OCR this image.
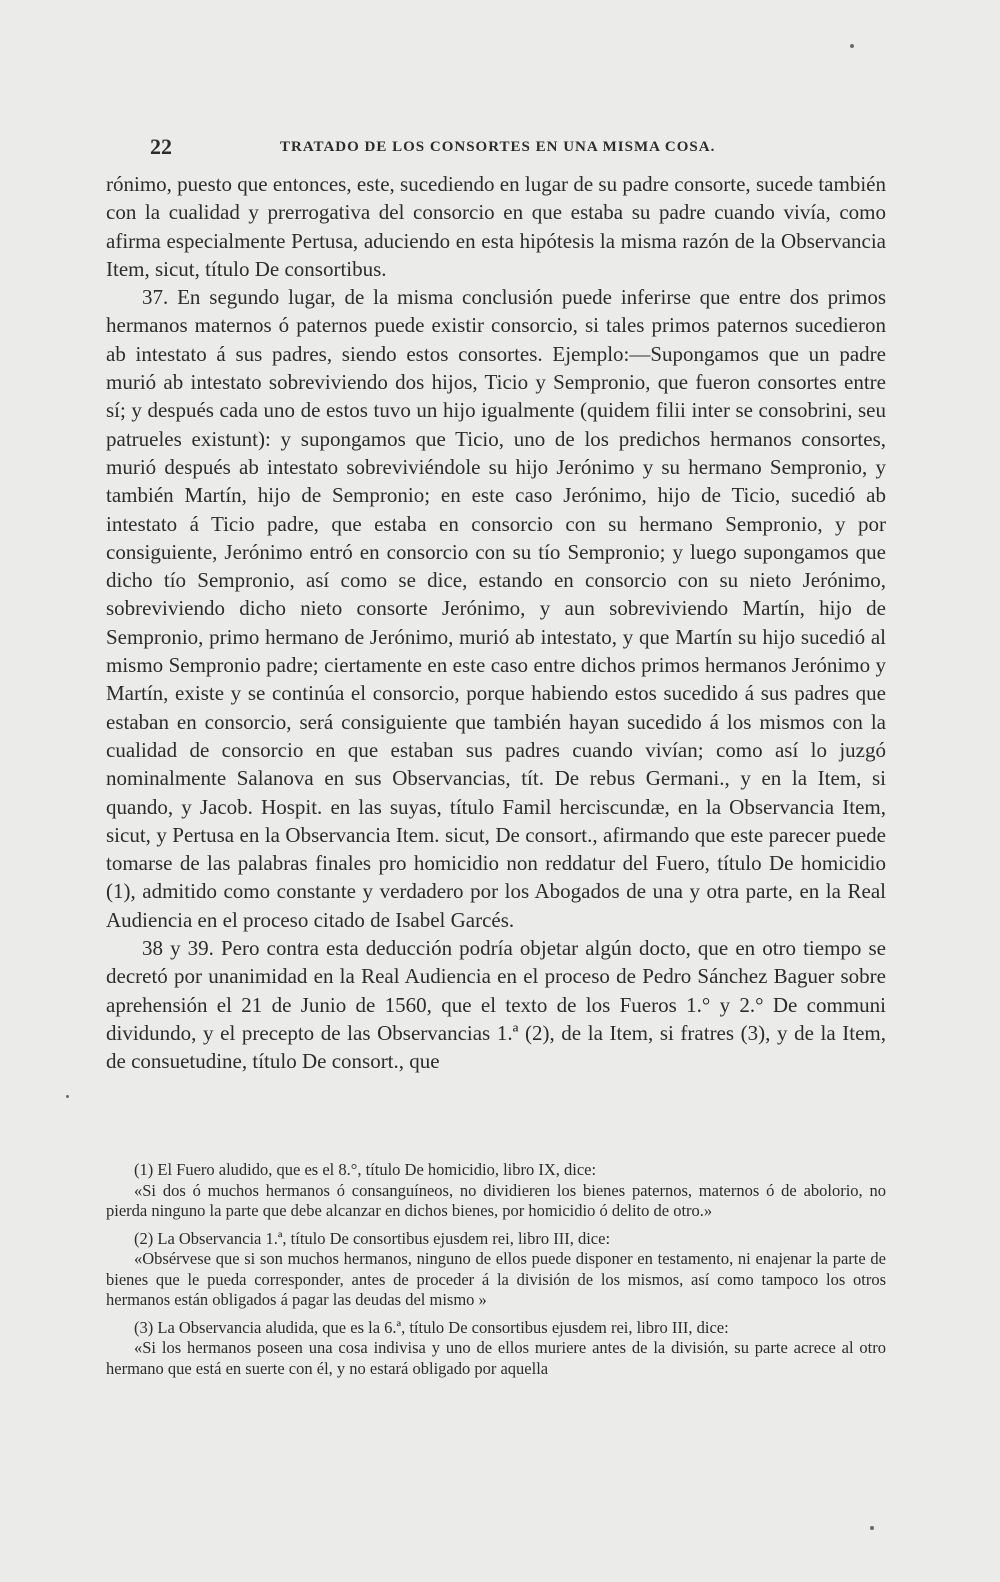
22	TRATADO DE LOS CONSORTES EN UNA MISMA COSA.

rónimo, puesto que entonces, este, sucediendo en lugar de su padre consorte, sucede también con la cualidad y prerrogativa del consorcio en que estaba su padre cuando vivía, como afirma especialmente Pertusa, aduciendo en esta hipótesis la misma razón de la Observancia Item, sicut, título De consortibus.

37. En segundo lugar, de la misma conclusión puede inferirse que entre dos primos hermanos maternos ó paternos puede existir consorcio, si tales primos paternos sucedieron ab intestato á sus padres, siendo estos consortes. Ejemplo:—Supongamos que un padre murió ab intestato sobreviviendo dos hijos, Ticio y Sempronio, que fueron consortes entre sí; y después cada uno de estos tuvo un hijo igualmente (quidem filii inter se consobrini, seu patrueles existunt): y supongamos que Ticio, uno de los predichos hermanos consortes, murió después ab intestato sobreviviéndole su hijo Jerónimo y su hermano Sempronio, y también Martín, hijo de Sempronio; en este caso Jerónimo, hijo de Ticio, sucedió ab intestato á Ticio padre, que estaba en consorcio con su hermano Sempronio, y por consiguiente, Jerónimo entró en consorcio con su tío Sempronio; y luego supongamos que dicho tío Sempronio, así como se dice, estando en consorcio con su nieto Jerónimo, sobreviviendo dicho nieto consorte Jerónimo, y aun sobreviviendo Martín, hijo de Sempronio, primo hermano de Jerónimo, murió ab intestato, y que Martín su hijo sucedió al mismo Sempronio padre; ciertamente en este caso entre dichos primos hermanos Jerónimo y Martín, existe y se continúa el consorcio, porque habiendo estos sucedido á sus padres que estaban en consorcio, será consiguiente que también hayan sucedido á los mismos con la cualidad de consorcio en que estaban sus padres cuando vivían; como así lo juzgó nominalmente Salanova en sus Observancias, tít. De rebus Germani., y en la Item, si quando, y Jacob. Hospit. en las suyas, título Famil herciscundæ, en la Observancia Item, sicut, y Pertusa en la Observancia Item. sicut, De consort., afirmando que este parecer puede tomarse de las palabras finales pro homicidio non reddatur del Fuero, título De homicidio (1), admitido como constante y verdadero por los Abogados de una y otra parte, en la Real Audiencia en el proceso citado de Isabel Garcés.

38 y 39. Pero contra esta deducción podría objetar algún docto, que en otro tiempo se decretó por unanimidad en la Real Audiencia en el proceso de Pedro Sánchez Baguer sobre aprehensión el 21 de Junio de 1560, que el texto de los Fueros 1.° y 2.° De communi dividundo, y el precepto de las Observancias 1.ª (2), de la Item, si fratres (3), y de la Item, de consuetudine, título De consort., que

(1) El Fuero aludido, que es el 8.°, título De homicidio, libro IX, dice:
«Si dos ó muchos hermanos ó consanguíneos, no dividieren los bienes paternos, maternos ó de abolorio, no pierda ninguno la parte que debe alcanzar en dichos bienes, por homicidio ó delito de otro.»
(2) La Observancia 1.ª, título De consortibus ejusdem rei, libro III, dice:
«Obsérvese que si son muchos hermanos, ninguno de ellos puede disponer en testamento, ni enajenar la parte de bienes que le pueda corresponder, antes de proceder á la división de los mismos, así como tampoco los otros hermanos están obligados á pagar las deudas del mismo »
(3) La Observancia aludida, que es la 6.ª, título De consortibus ejusdem rei, libro III, dice:
«Si los hermanos poseen una cosa indivisa y uno de ellos muriere antes de la división, su parte acrece al otro hermano que está en suerte con él, y no estará obligado por aquella
